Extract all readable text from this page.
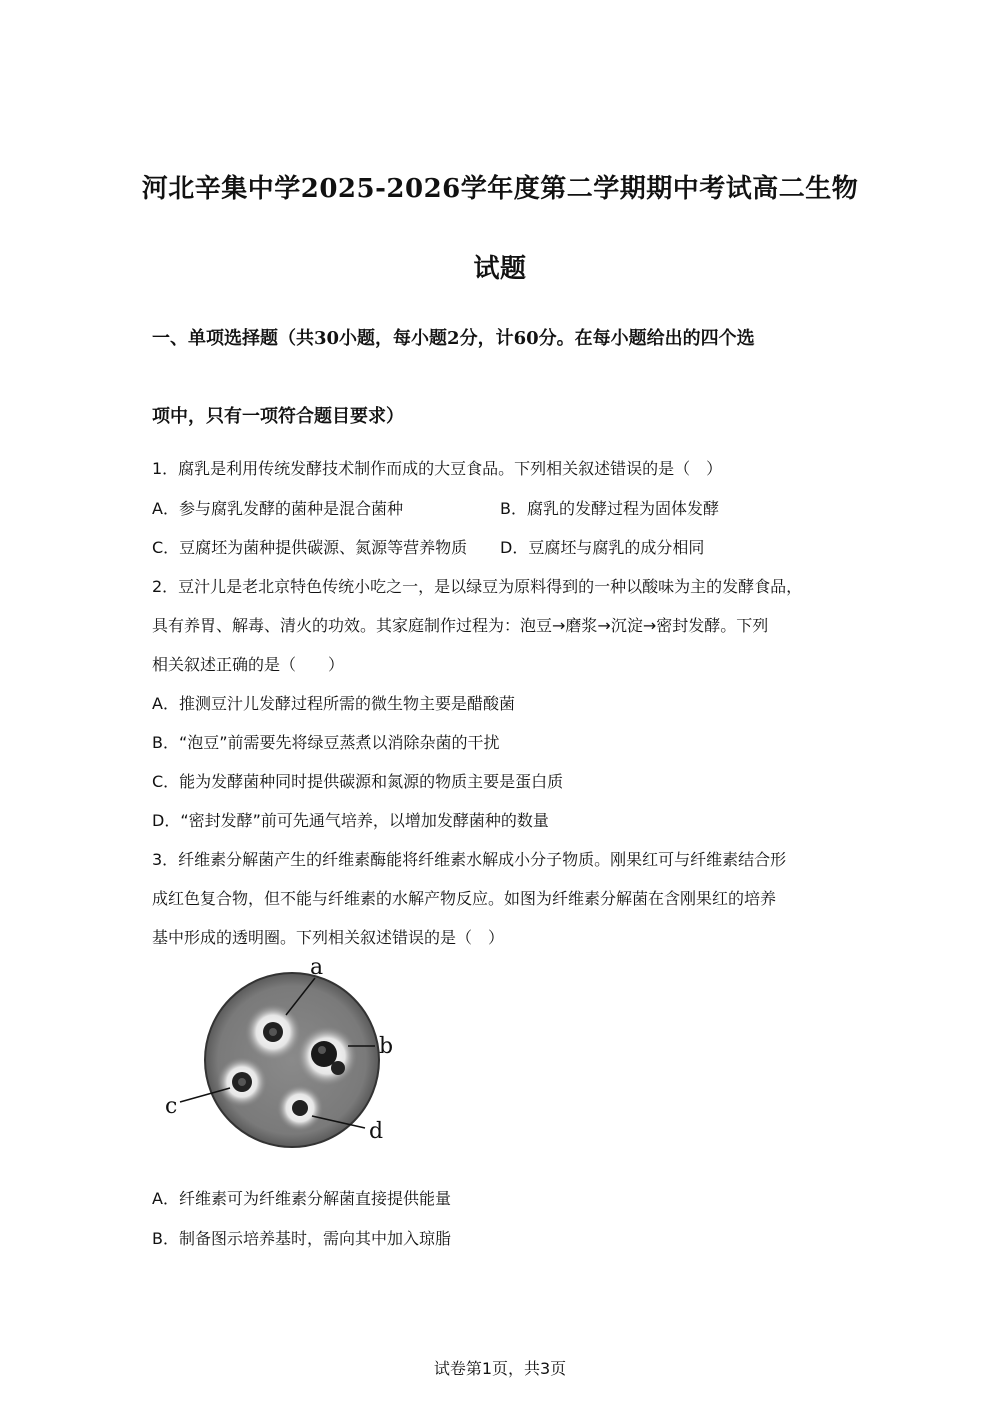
河北辛集中学2025-2026学年度第二学期期中考试高二生物
试题
一、单项选择题（共30小题，每小题2分，计60分。在每小题给出的四个选
项中，只有一项符合题目要求）
1．腐乳是利用传统发酵技术制作而成的大豆食品。下列相关叙述错误的是（　）
A．参与腐乳发酵的菌种是混合菌种	B．腐乳的发酵过程为固体发酵
C．豆腐坯为菌种提供碳源、氮源等营养物质 D．豆腐坯与腐乳的成分相同
2．豆汁儿是老北京特色传统小吃之一，是以绿豆为原料得到的一种以酸味为主的发酵食品，
具有养胃、解毒、清火的功效。其家庭制作过程为：泡豆→磨浆→沉淀→密封发酵。下列
相关叙述正确的是（　　）
A．推测豆汁儿发酵过程所需的微生物主要是醋酸菌
B．“泡豆”前需要先将绿豆蒸煮以消除杂菌的干扰
C．能为发酵菌种同时提供碳源和氮源的物质主要是蛋白质
D．“密封发酵”前可先通气培养，以增加发酵菌种的数量
3．纤维素分解菌产生的纤维素酶能将纤维素水解成小分子物质。刚果红可与纤维素结合形
成红色复合物，但不能与纤维素的水解产物反应。如图为纤维素分解菌在含刚果红的培养
基中形成的透明圈。下列相关叙述错误的是（　）
a
b
c
d
A．纤维素可为纤维素分解菌直接提供能量
B．制备图示培养基时，需向其中加入琼脂
试卷第1页，共3页
